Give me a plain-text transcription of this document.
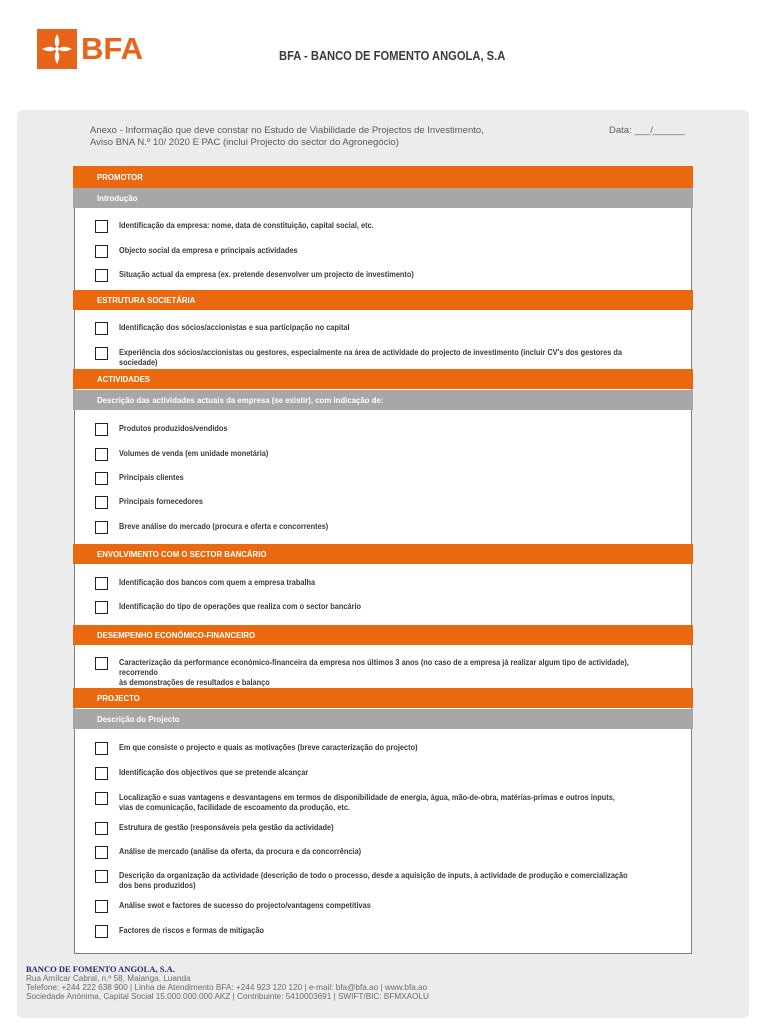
BFA	BFA - BANCO DE FOMENTO ANGOLA, S.A
Anexo - Informação que deve constar no Estudo de Viabilidade de Projectos de Investimento,
Aviso BNA N.º 10/ 2020 E PAC (inclui Projecto do sector do Agronegócio)
Data: ___/______
PROMOTOR
Introdução
Identificação da empresa: nome, data de constituição, capital social, etc.
Objecto social da empresa e principais actividades
Situação actual da empresa (ex. pretende desenvolver um projecto de investimento)
ESTRUTURA SOCIETÁRIA
Identificação dos sócios/accionistas e sua participação no capital
Experiência dos sócios/accionistas ou gestores, especialmente na área de actividade do projecto de investimento (incluir CV's dos gestores da sociedade)
ACTIVIDADES
Descrição das actividades actuais da empresa (se existir), com indicação de:
Produtos produzidos/vendidos
Volumes de venda (em unidade monetária)
Principais clientes
Principais fornecedores
Breve análise do mercado (procura e oferta e concorrentes)
ENVOLVIMENTO COM O SECTOR BANCÁRIO
Identificação dos bancos com quem a empresa trabalha
Identificação do tipo de operações que realiza com o sector bancário
DESEMPENHO ECONÓMICO-FINANCEIRO
Caracterização da performance económico-financeira da empresa nos últimos 3 anos (no caso de a empresa já realizar algum tipo de actividade), recorrendo
às demonstrações de resultados e balanço
PROJECTO
Descrição do Projecto
Em que consiste o projecto e quais as motivações (breve caracterização do projecto)
Identificação dos objectivos que se pretende alcançar
Localização e suas vantagens e desvantagens em termos de disponibilidade de energia, água, mão-de-obra, matérias-primas e outros inputs,
vias de comunicação, facilidade de escoamento da produção, etc.
Estrutura de gestão (responsáveis pela gestão da actividade)
Análise de mercado (análise da oferta, da procura e da concorrência)
Descrição da organização da actividade (descrição de todo o processo, desde a aquisição de inputs, à actividade de produção e comercialização
dos bens produzidos)
Análise swot e factores de sucesso do projecto/vantagens competitivas
Factores de riscos e formas de mitigação
BANCO DE FOMENTO ANGOLA, S.A.
Rua Amílcar Cabral, n.º 58, Maianga, Luanda
Telefone: +244 222 638 900 | Linha de Atendimento BFA: +244 923 120 120 | e-mail: bfa@bfa.ao | www.bfa.ao
Sociedade Anónima, Capital Social 15.000.000.000 AKZ | Contribuinte: 5410003691 | SWIFT/BIC: BFMXAOLU
